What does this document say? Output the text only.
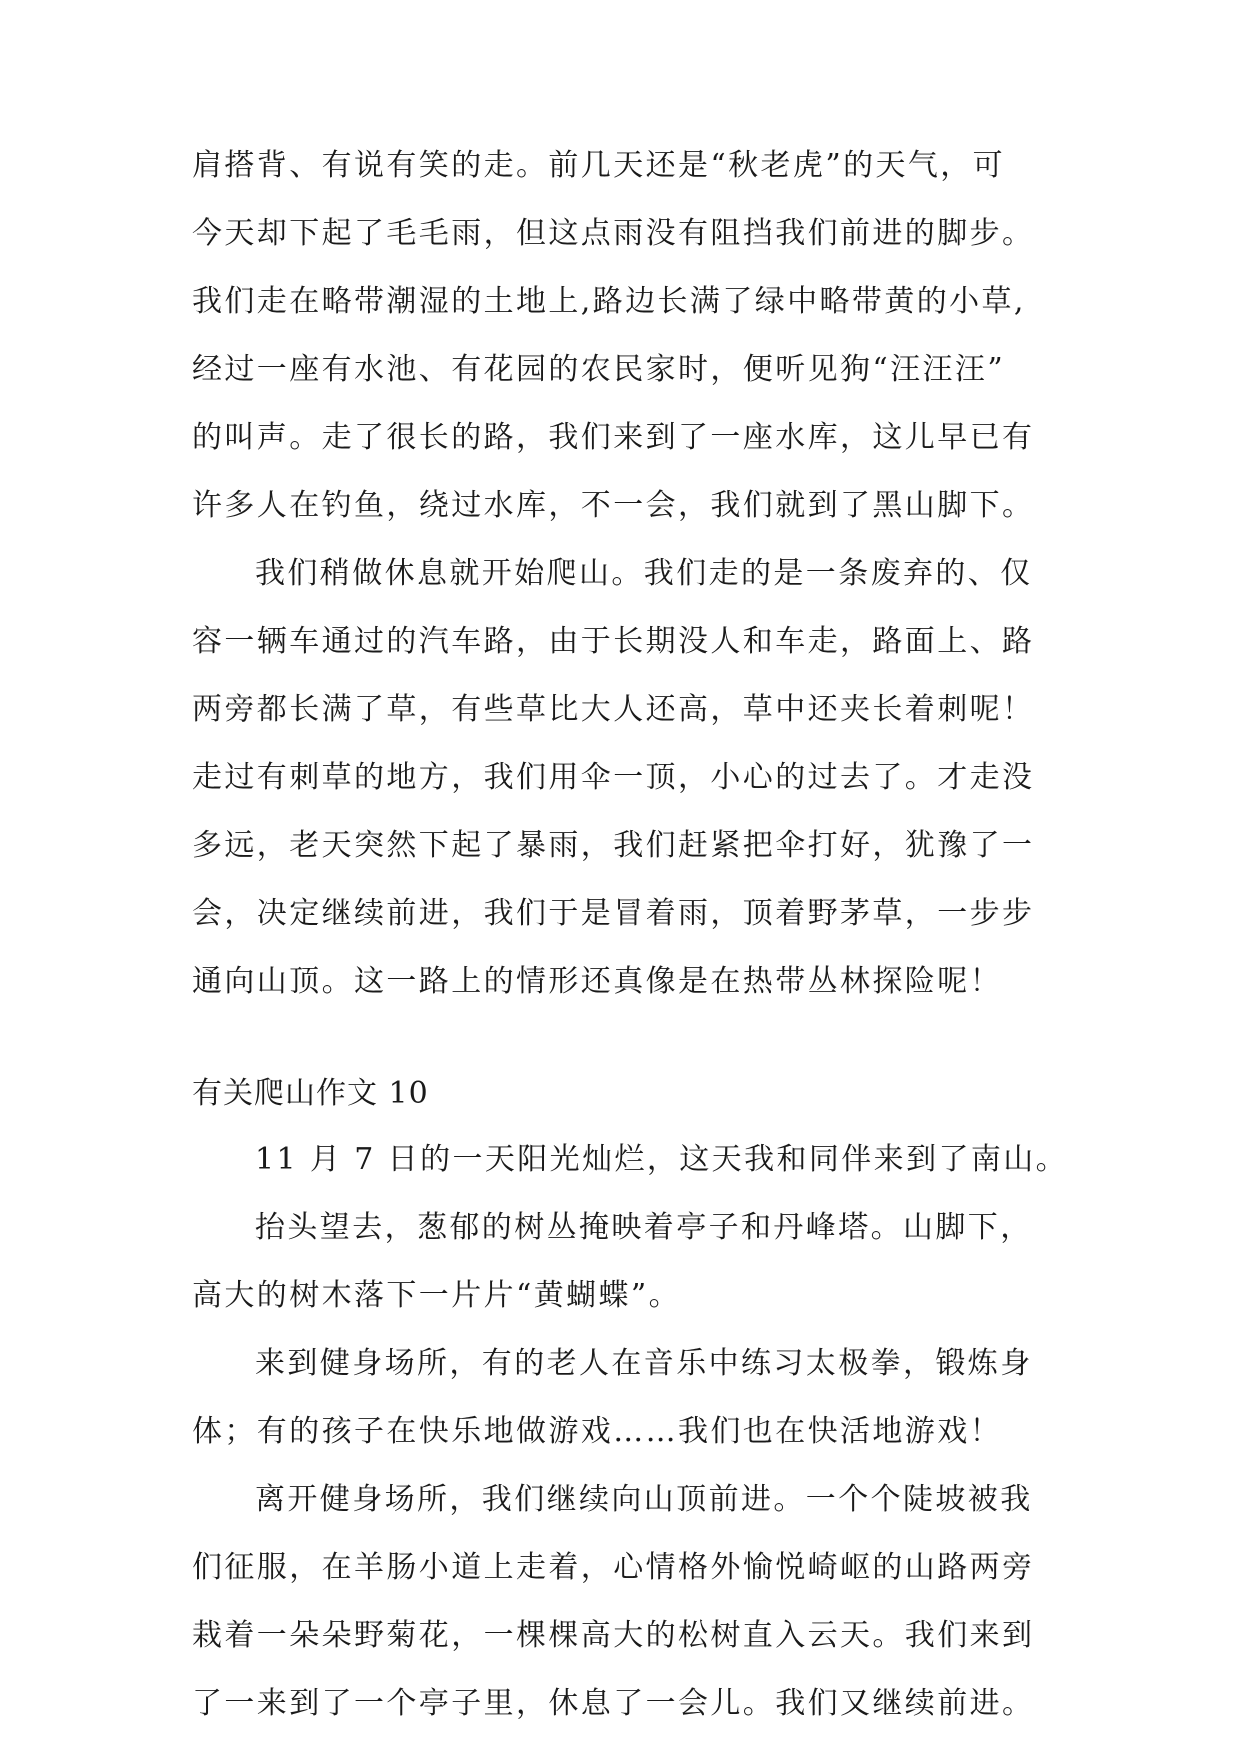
肩搭背、有说有笑的走。前几天还是“秋老虎”的天气，可
今天却下起了毛毛雨，但这点雨没有阻挡我们前进的脚步。
我们走在略带潮湿的土地上,路边长满了绿中略带黄的小草,
经过一座有水池、有花园的农民家时，便听见狗“汪汪汪”
的叫声。走了很长的路，我们来到了一座水库，这儿早已有
许多人在钓鱼，绕过水库，不一会，我们就到了黑山脚下。
我们稍做休息就开始爬山。我们走的是一条废弃的、仅
容一辆车通过的汽车路，由于长期没人和车走，路面上、路
两旁都长满了草，有些草比大人还高，草中还夹长着刺呢！
走过有刺草的地方，我们用伞一顶，小心的过去了。才走没
多远，老天突然下起了暴雨，我们赶紧把伞打好，犹豫了一
会，决定继续前进，我们于是冒着雨，顶着野茅草，一步步
通向山顶。这一路上的情形还真像是在热带丛林探险呢！
有关爬山作文 10
11 月 7 日的一天阳光灿烂，这天我和同伴来到了南山。
抬头望去，葱郁的树丛掩映着亭子和丹峰塔。山脚下，
高大的树木落下一片片“黄蝴蝶”。
来到健身场所，有的老人在音乐中练习太极拳，锻炼身
体；有的孩子在快乐地做游戏……我们也在快活地游戏！
离开健身场所，我们继续向山顶前进。一个个陡坡被我
们征服，在羊肠小道上走着，心情格外愉悦崎岖的山路两旁
栽着一朵朵野菊花，一棵棵高大的松树直入云天。我们来到
了一来到了一个亭子里，休息了一会儿。我们又继续前进。
